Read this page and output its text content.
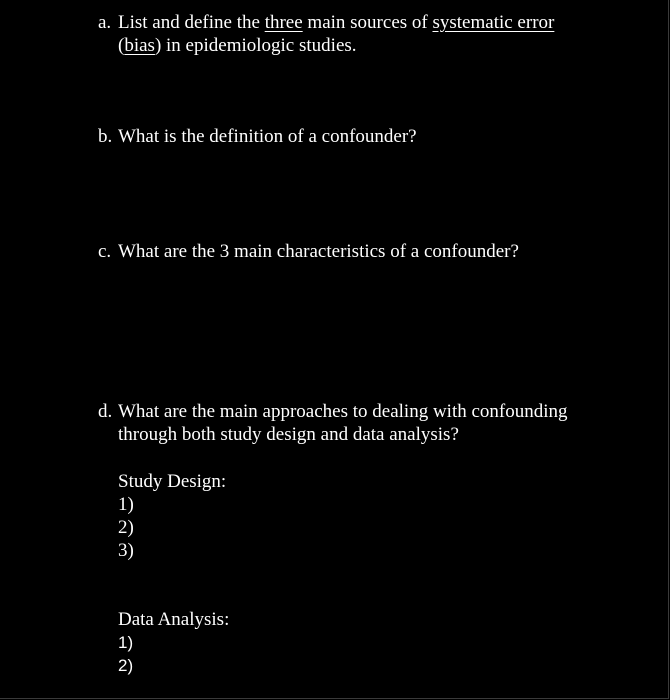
a. List and define the three main sources of systematic error
(bias) in epidemiologic studies.
b. What is the definition of a confounder?
c. What are the 3 main characteristics of a confounder?
d. What are the main approaches to dealing with confounding
through both study design and data analysis?
Study Design:
1)
2)
3)
Data Analysis:
1)
2)
